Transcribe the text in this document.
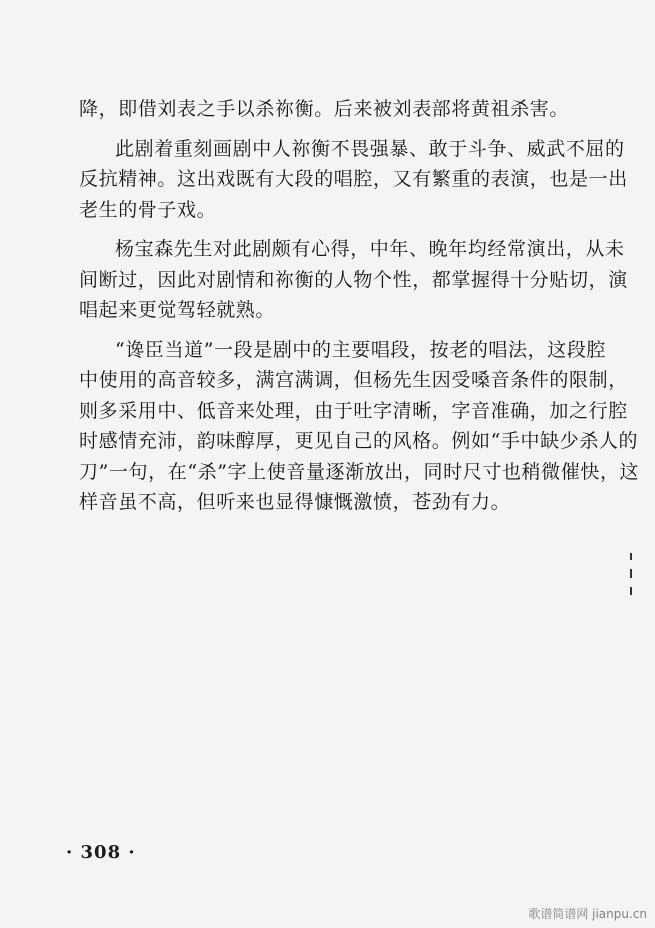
降，即借刘表之手以杀祢衡。后来被刘表部将黄祖杀害。
此剧着重刻画剧中人祢衡不畏强暴、敢于斗争、威武不屈的
反抗精神。这出戏既有大段的唱腔，又有繁重的表演，也是一出
老生的骨子戏。
杨宝森先生对此剧颇有心得，中年、晚年均经常演出，从未
间断过，因此对剧情和祢衡的人物个性，都掌握得十分贴切，演
唱起来更觉驾轻就熟。
“谗臣当道”一段是剧中的主要唱段，按老的唱法，这段腔
中使用的高音较多，满宫满调，但杨先生因受嗓音条件的限制，
则多采用中、低音来处理，由于吐字清晰，字音准确，加之行腔
时感情充沛，韵味醇厚，更见自己的风格。例如“手中缺少杀人的
刀”一句，在“杀”字上使音量逐渐放出，同时尺寸也稍微催快，这
样音虽不高，但听来也显得慷慨激愤，苍劲有力。
· 308 ·
歌谱简谱网 jianpu.cn
